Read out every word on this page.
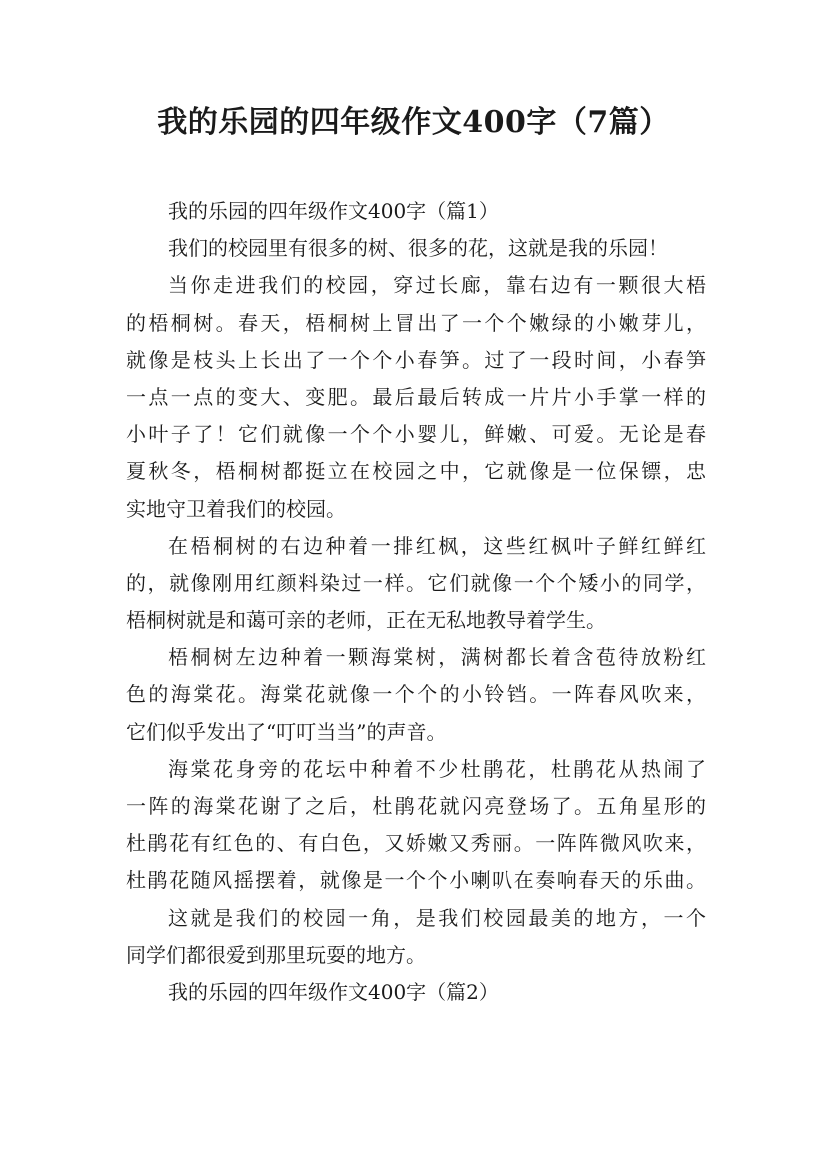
我的乐园的四年级作文400字（7篇）
我的乐园的四年级作文400字（篇1）
我们的校园里有很多的树、很多的花，这就是我的乐园！
当你走进我们的校园，穿过长廊，靠右边有一颗很大梧
的梧桐树。春天，梧桐树上冒出了一个个嫩绿的小嫩芽儿，
就像是枝头上长出了一个个小春笋。过了一段时间，小春笋
一点一点的变大、变肥。最后最后转成一片片小手掌一样的
小叶子了！它们就像一个个小婴儿，鲜嫩、可爱。无论是春
夏秋冬，梧桐树都挺立在校园之中，它就像是一位保镖，忠
实地守卫着我们的校园。
在梧桐树的右边种着一排红枫，这些红枫叶子鲜红鲜红
的，就像刚用红颜料染过一样。它们就像一个个矮小的同学，
梧桐树就是和蔼可亲的老师，正在无私地教导着学生。
梧桐树左边种着一颗海棠树，满树都长着含苞待放粉红
色的海棠花。海棠花就像一个个的小铃铛。一阵春风吹来，
它们似乎发出了“叮叮当当”的声音。
海棠花身旁的花坛中种着不少杜鹃花，杜鹃花从热闹了
一阵的海棠花谢了之后，杜鹃花就闪亮登场了。五角星形的
杜鹃花有红色的、有白色，又娇嫩又秀丽。一阵阵微风吹来，
杜鹃花随风摇摆着，就像是一个个小喇叭在奏响春天的乐曲。
这就是我们的校园一角，是我们校园最美的地方，一个
同学们都很爱到那里玩耍的地方。
我的乐园的四年级作文400字（篇2）
